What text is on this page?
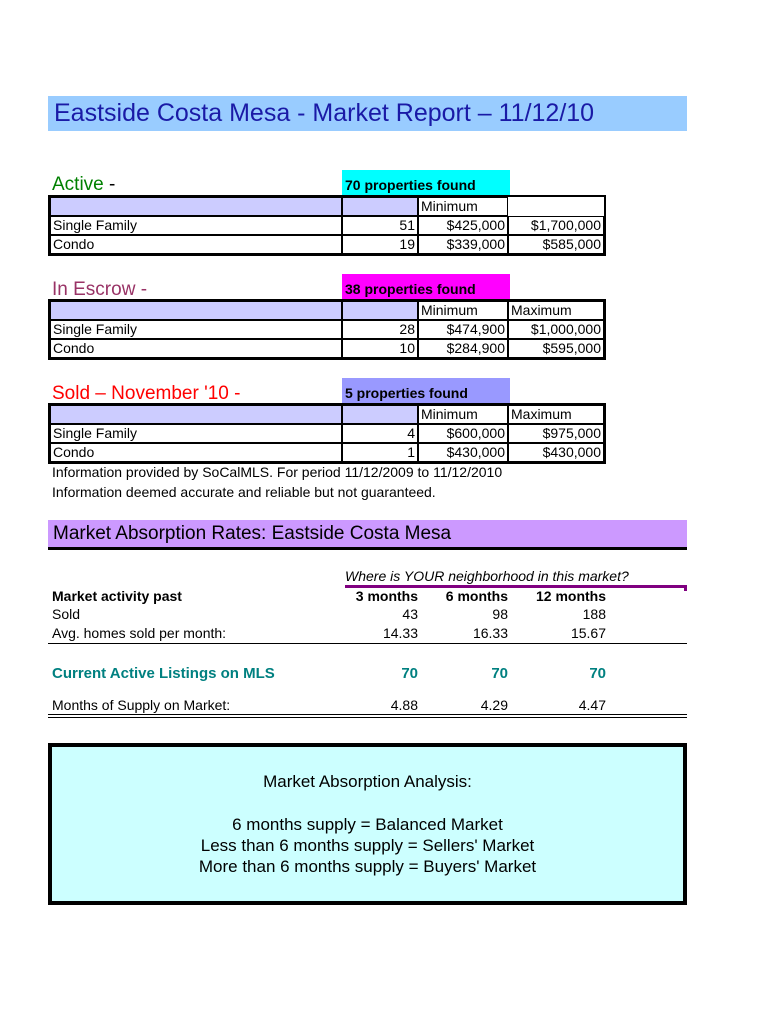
Eastside Costa Mesa - Market Report – 11/12/10
Active -	70 properties found
		Minimum	
Single Family	51	$425,000	$1,700,000
Condo	19	$339,000	$585,000
In Escrow -	38 properties found
		Minimum	Maximum
Single Family	28	$474,900	$1,000,000
Condo	10	$284,900	$595,000
Sold – November '10 -	5 properties found
		Minimum	Maximum
Single Family	4	$600,000	$975,000
Condo	1	$430,000	$430,000
Information provided by SoCalMLS. For period 11/12/2009 to 11/12/2010
Information deemed accurate and reliable but not guaranteed.
Market Absorption Rates: Eastside Costa Mesa
Where is YOUR neighborhood in this market?
Market activity past	3 months	6 months	12 months
Sold	43	98	188
Avg. homes sold per month:	14.33	16.33	15.67
Current Active Listings on MLS	70	70	70
Months of Supply on Market:	4.88	4.29	4.47
Market Absorption Analysis:
6 months supply = Balanced Market
Less than 6 months supply = Sellers' Market
More than 6 months supply = Buyers' Market
